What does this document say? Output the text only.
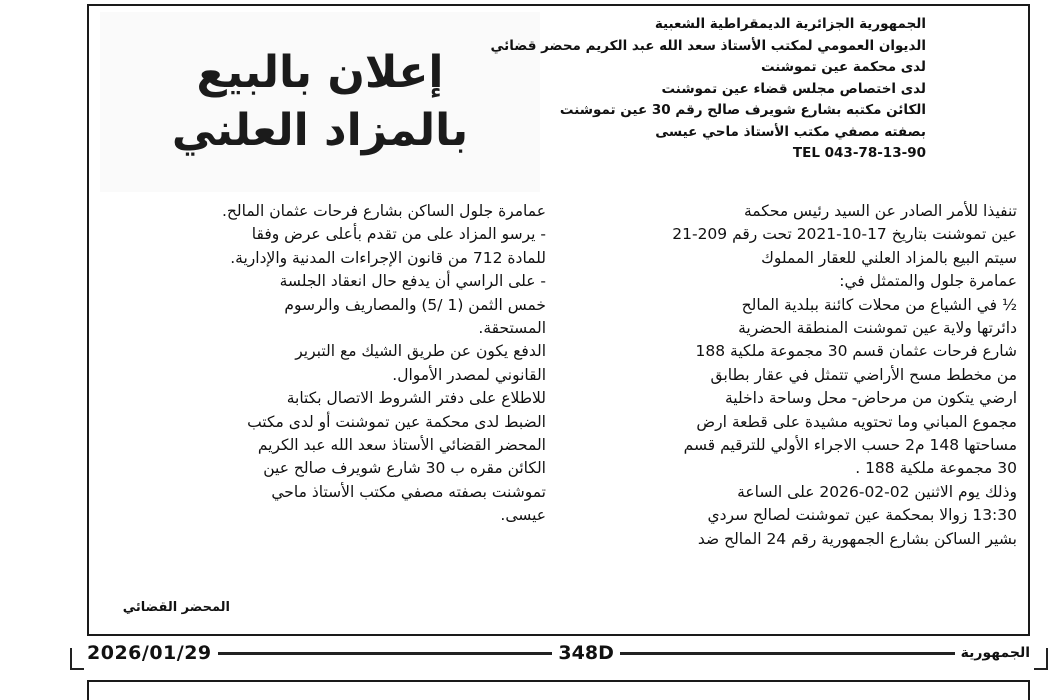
إعلان بالبيع
بالمزاد العلني
الجمهورية الجزائرية الديمقراطية الشعبية
الديوان العمومي لمكتب الأستاذ سعد الله عبد الكريم محضر قضائي
لدى محكمة عين تموشنت
لدى اختصاص مجلس قضاء عين تموشنت
الكائن مكتبه بشارع شويرف صالح رقم 30 عين تموشنت
بصفته مصفي مكتب الأستاذ ماحي عيسى
TEL 043-78-13-90
تنفيذا للأمر الصادر عن السيد رئيس محكمة
عين تموشنت بتاريخ 17-10-2021 تحت رقم 209-21
سيتم البيع بالمزاد العلني للعقار المملوك
عمامرة جلول والمتمثل في:
½ في الشياع من محلات كائنة ببلدية المالح
دائرتها ولاية عين تموشنت المنطقة الحضرية
شارع فرحات عثمان قسم 30 مجموعة ملكية 188
من مخطط مسح الأراضي تتمثل في عقار بطابق
ارضي يتكون من مرحاض- محل وساحة داخلية
مجموع المباني وما تحتويه مشيدة على قطعة ارض
مساحتها 148 م2 حسب الاجراء الأولي للترقيم قسم
30 مجموعة ملكية 188 .
وذلك يوم الاثنين 02-02-2026 على الساعة
13:30 زوالا بمحكمة عين تموشنت لصالح سردي
بشير الساكن بشارع الجمهورية رقم 24 المالح ضد
عمامرة جلول الساكن بشارع فرحات عثمان المالح.
- يرسو المزاد على من تقدم بأعلى عرض وفقا
للمادة 712 من قانون الإجراءات المدنية والإدارية.
- على الراسي أن يدفع حال انعقاد الجلسة
خمس الثمن (1 /5) والمصاريف والرسوم
المستحقة.
الدفع يكون عن طريق الشيك مع التبرير
القانوني لمصدر الأموال.
للاطلاع على دفتر الشروط الاتصال بكتابة
الضبط لدى محكمة عين تموشنت أو لدى مكتب
المحضر القضائي الأستاذ سعد الله عبد الكريم
الكائن مقره ب 30 شارع شويرف صالح عين
تموشنت بصفته مصفي مكتب الأستاذ ماحي
عيسى.
المحضر القضائي
2026/01/29	348D	الجمهورية
